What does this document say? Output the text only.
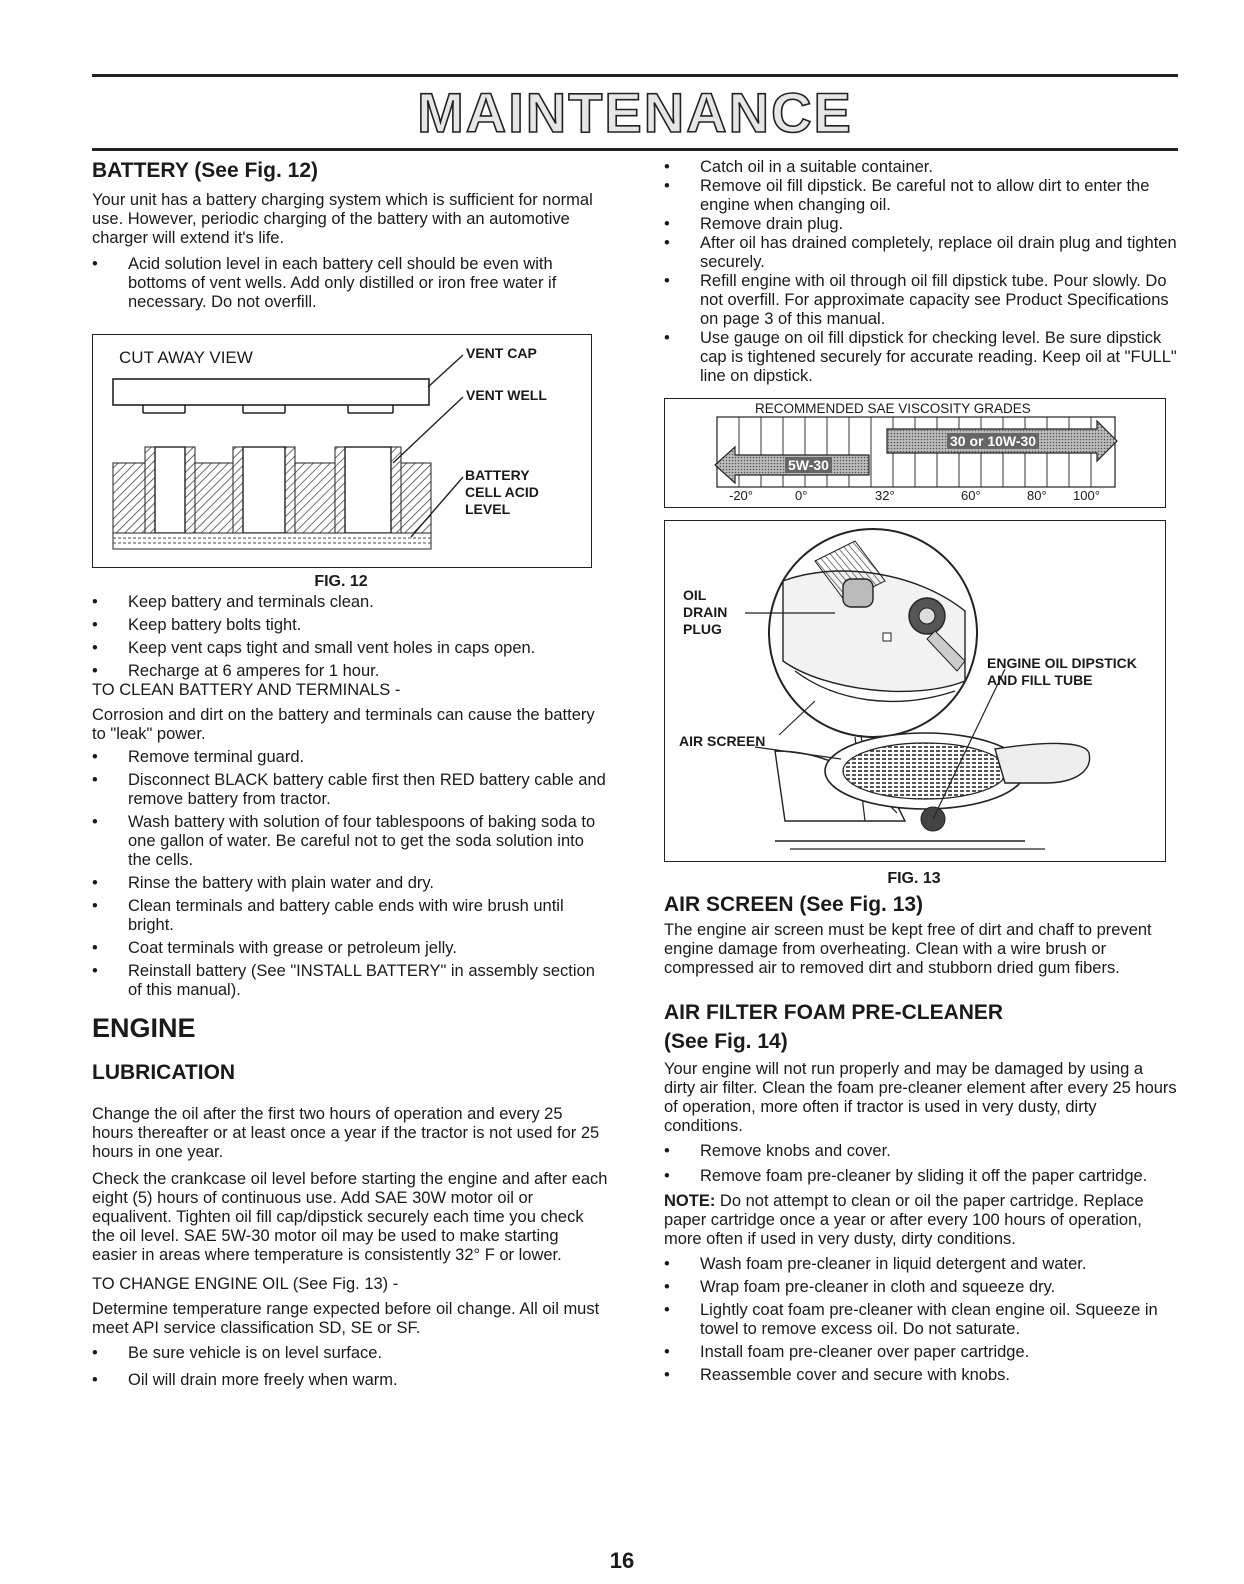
MAINTENANCE
BATTERY (See Fig. 12)

Your unit has a battery charging system which is sufficient for normal use. However, periodic charging of the battery with an automotive charger will extend it's life.

• Acid solution level in each battery cell should be even with bottoms of vent wells. Add only distilled or iron free water if necessary. Do not overfill.
CUT AWAY VIEW	VENT CAP
VENT WELL
BATTERY CELL ACID LEVEL
FIG. 12
• Keep battery and terminals clean.
• Keep battery bolts tight.
• Keep vent caps tight and small vent holes in caps open.
• Recharge at 6 amperes for 1 hour.

TO CLEAN BATTERY AND TERMINALS -

Corrosion and dirt on the battery and terminals can cause the battery to "leak" power.

• Remove terminal guard.
• Disconnect BLACK battery cable first then RED battery cable and remove battery from tractor.
• Wash battery with solution of four tablespoons of baking soda to one gallon of water. Be careful not to get the soda solution into the cells.
• Rinse the battery with plain water and dry.
• Clean terminals and battery cable ends with wire brush until bright.
• Coat terminals with grease or petroleum jelly.
• Reinstall battery (See "INSTALL BATTERY" in assembly section of this manual).
ENGINE
LUBRICATION

Change the oil after the first two hours of operation and every 25 hours thereafter or at least once a year if the tractor is not used for 25 hours in one year.

Check the crankcase oil level before starting the engine and after each eight (5) hours of continuous use. Add SAE 30W motor oil or equalivent. Tighten oil fill cap/dipstick securely each time you check the oil level. SAE 5W-30 motor oil may be used to make starting easier in areas where temperature is consistently 32° F or lower.

TO CHANGE ENGINE OIL (See Fig. 13) -

Determine temperature range expected before oil change. All oil must meet API service classification SD, SE or SF.

• Be sure vehicle is on level surface.
• Oil will drain more freely when warm.
• Catch oil in a suitable container.
• Remove oil fill dipstick. Be careful not to allow dirt to enter the engine when changing oil.
• Remove drain plug.
• After oil has drained completely, replace oil drain plug and tighten securely.
• Refill engine with oil through oil fill dipstick tube. Pour slowly. Do not overfill. For approximate capacity see Product Specifications on page 3 of this manual.
• Use gauge on oil fill dipstick for checking level. Be sure dipstick cap is tightened securely for accurate reading. Keep oil at "FULL" line on dipstick.
RECOMMENDED SAE VISCOSITY GRADES
30 or 10W-30
5W-30
-20°	0°	32°	60°	80° 100°
OIL DRAIN PLUG
ENGINE OIL DIPSTICK AND FILL TUBE
AIR SCREEN
FIG. 13
AIR SCREEN (See Fig. 13)

The engine air screen must be kept free of dirt and chaff to prevent engine damage from overheating. Clean with a wire brush or compressed air to removed dirt and stubborn dried gum fibers.

AIR FILTER FOAM PRE-CLEANER
(See Fig. 14)

Your engine will not run properly and may be damaged by using a dirty air filter. Clean the foam pre-cleaner element after every 25 hours of operation, more often if tractor is used in very dusty, dirty conditions.

• Remove knobs and cover.
• Remove foam pre-cleaner by sliding it off the paper cartridge.

NOTE: Do not attempt to clean or oil the paper cartridge. Replace paper cartridge once a year or after every 100 hours of operation, more often if used in very dusty, dirty conditions.

• Wash foam pre-cleaner in liquid detergent and water.
• Wrap foam pre-cleaner in cloth and squeeze dry.
• Lightly coat foam pre-cleaner with clean engine oil. Squeeze in towel to remove excess oil. Do not saturate.
• Install foam pre-cleaner over paper cartridge.
• Reassemble cover and secure with knobs.
16
